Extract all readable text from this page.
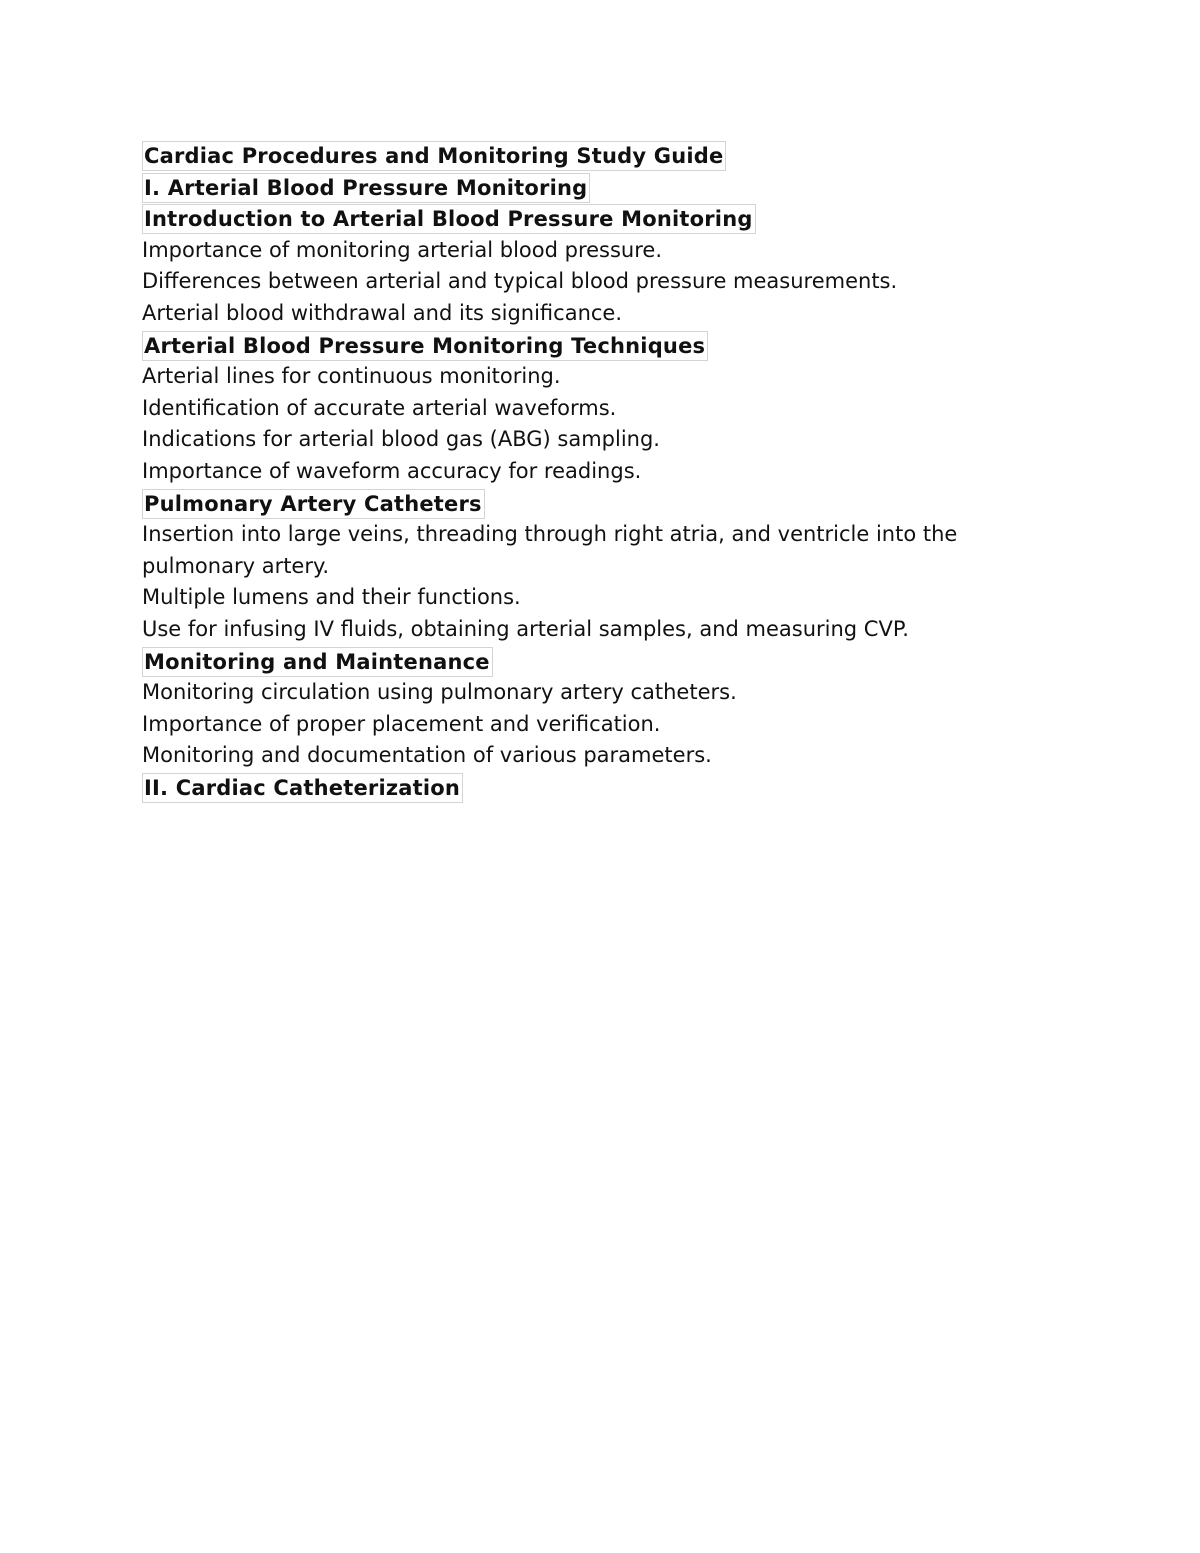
Cardiac Procedures and Monitoring Study Guide
I. Arterial Blood Pressure Monitoring
Introduction to Arterial Blood Pressure Monitoring
Importance of monitoring arterial blood pressure.
Differences between arterial and typical blood pressure measurements.
Arterial blood withdrawal and its significance.
Arterial Blood Pressure Monitoring Techniques
Arterial lines for continuous monitoring.
Identification of accurate arterial waveforms.
Indications for arterial blood gas (ABG) sampling.
Importance of waveform accuracy for readings.
Pulmonary Artery Catheters
Insertion into large veins, threading through right atria, and ventricle into the pulmonary artery.
Multiple lumens and their functions.
Use for infusing IV fluids, obtaining arterial samples, and measuring CVP.
Monitoring and Maintenance
Monitoring circulation using pulmonary artery catheters.
Importance of proper placement and verification.
Monitoring and documentation of various parameters.
II. Cardiac Catheterization
